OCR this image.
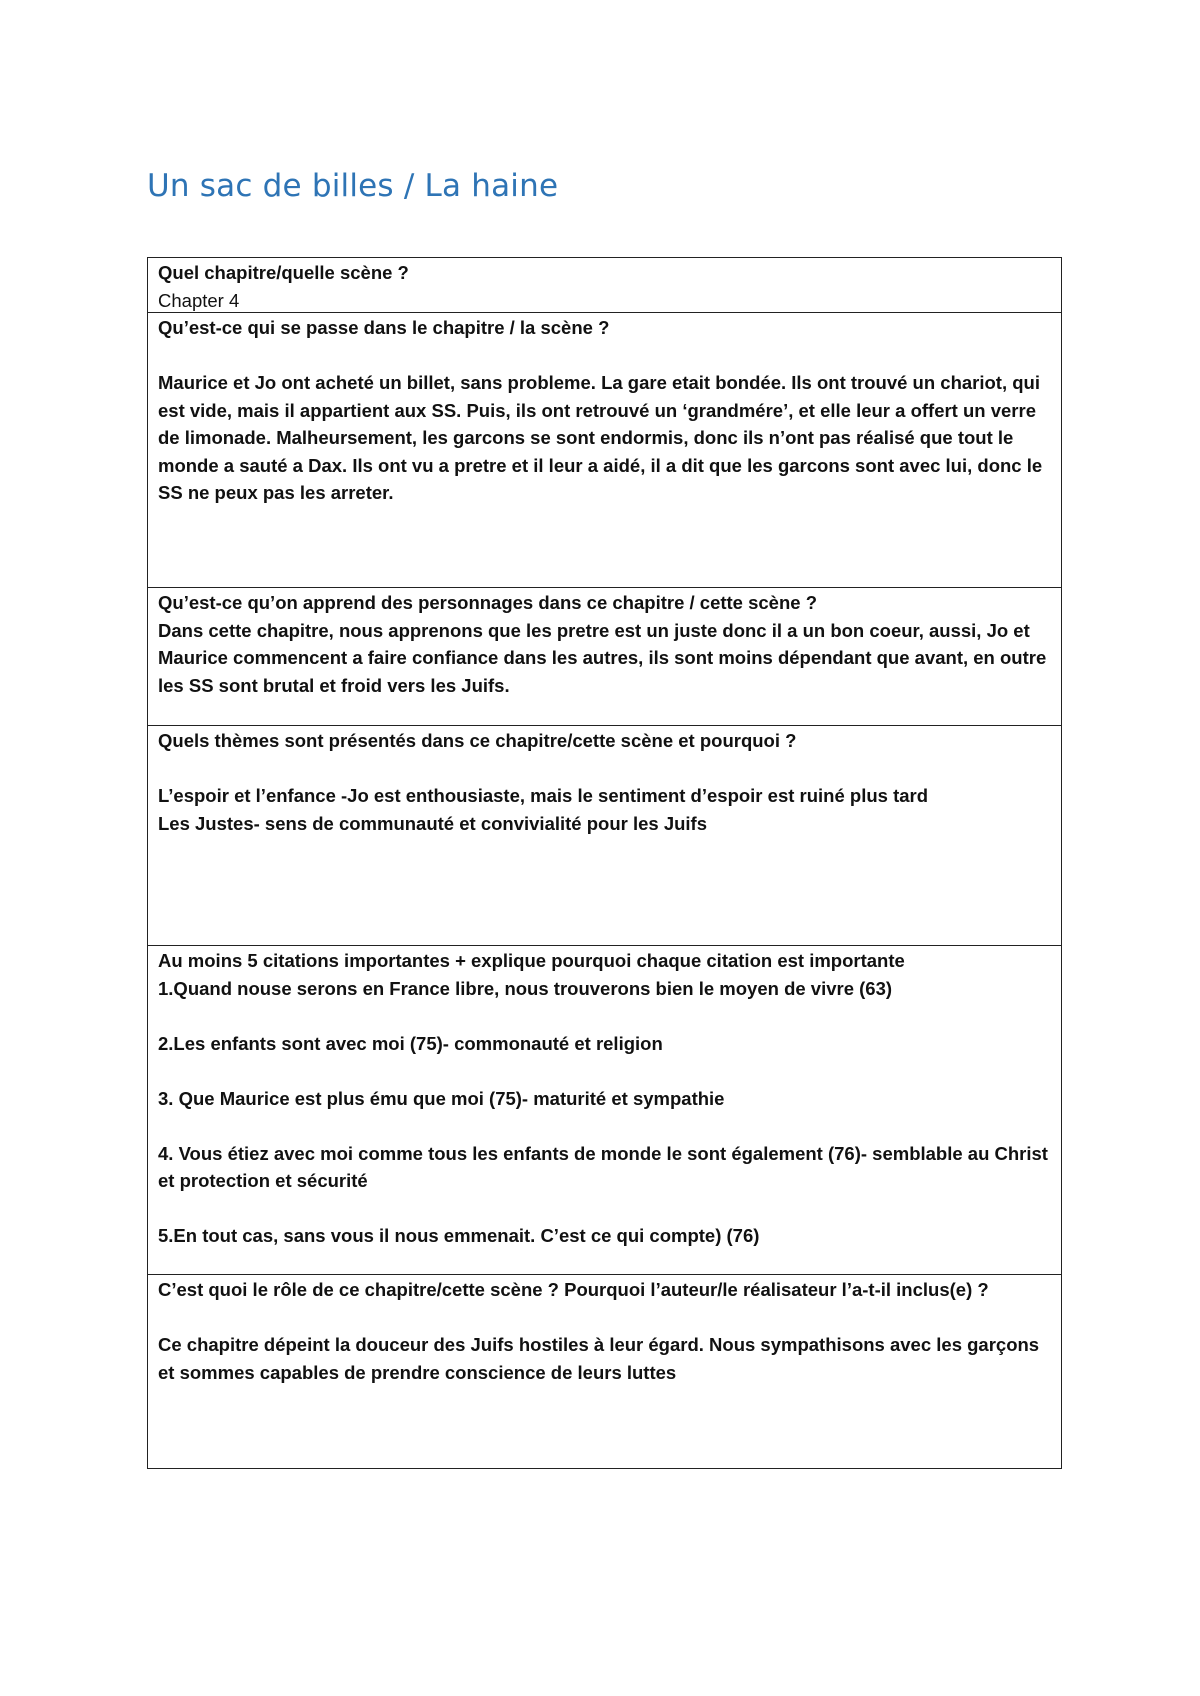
Un sac de billes / La haine
Quel chapitre/quelle scène ?
Chapter 4
Qu’est-ce qui se passe dans le chapitre / la scène ?
Maurice et Jo ont acheté un billet, sans probleme. La gare etait bondée. Ils ont trouvé un chariot, qui est vide, mais il appartient aux SS. Puis, ils ont retrouvé un ‘grandmére’, et elle leur a offert un verre de limonade. Malheursement, les garcons se sont endormis, donc ils n’ont pas réalisé que tout le monde a sauté a Dax. Ils ont vu a pretre et il leur a aidé, il a dit que les garcons sont avec lui, donc le SS ne peux pas les arreter.
Qu’est-ce qu’on apprend des personnages dans ce chapitre / cette scène ?
Dans cette chapitre, nous apprenons que les pretre est un juste donc il a un bon coeur, aussi, Jo et Maurice commencent a faire confiance dans les autres, ils sont moins dépendant que avant, en outre les SS sont brutal et froid vers les Juifs.
Quels thèmes sont présentés dans ce chapitre/cette scène et pourquoi ?
L’espoir et l’enfance -Jo est enthousiaste, mais le sentiment d’espoir est ruiné plus tard
Les Justes- sens de communauté et convivialité pour les Juifs
Au moins 5 citations importantes + explique pourquoi chaque citation est importante
1.Quand nouse serons en France libre, nous trouverons bien le moyen de vivre (63)
2.Les enfants sont avec moi (75)- commonauté et religion
3. Que Maurice est plus ému que moi (75)- maturité et sympathie
4. Vous étiez avec moi comme tous les enfants de monde le sont également (76)- semblable au Christ et protection et sécurité
5.En tout cas, sans vous il nous emmenait. C’est ce qui compte) (76)
C’est quoi le rôle de ce chapitre/cette scène ? Pourquoi l’auteur/le réalisateur l’a-t-il inclus(e) ?
Ce chapitre dépeint la douceur des Juifs hostiles à leur égard. Nous sympathisons avec les garçons et sommes capables de prendre conscience de leurs luttes
